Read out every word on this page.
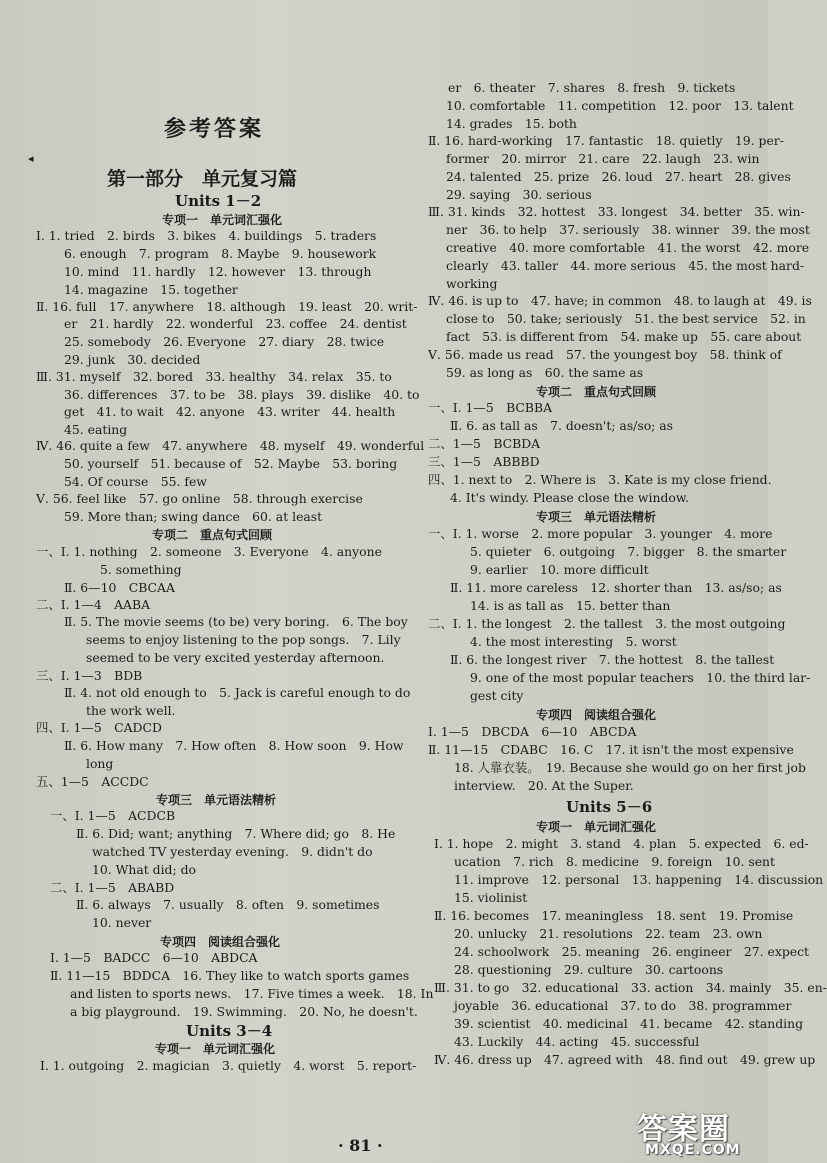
◂
参考答案
第一部分　单元复习篇
Units 1－2
专项一　单元词汇强化
Ⅰ. 1. tried　2. birds　3. bikes　4. buildings　5. traders
6. enough　7. program　8. Maybe　9. housework
10. mind　11. hardly　12. however　13. through
14. magazine　15. together
Ⅱ. 16. full　17. anywhere　18. although　19. least　20. writ-
er　21. hardly　22. wonderful　23. coffee　24. dentist
25. somebody　26. Everyone　27. diary　28. twice
29. junk　30. decided
Ⅲ. 31. myself　32. bored　33. healthy　34. relax　35. to
36. differences　37. to be　38. plays　39. dislike　40. to
get　41. to wait　42. anyone　43. writer　44. health
45. eating
Ⅳ. 46. quite a few　47. anywhere　48. myself　49. wonderful
50. yourself　51. because of　52. Maybe　53. boring
54. Of course　55. few
Ⅴ. 56. feel like　57. go online　58. through exercise
59. More than; swing dance　60. at least
专项二　重点句式回顾
一、Ⅰ. 1. nothing　2. someone　3. Everyone　4. anyone
5. something
Ⅱ. 6—10　CBCAA
二、Ⅰ. 1—4　AABA
Ⅱ. 5. The movie seems (to be) very boring.　6. The boy
seems to enjoy listening to the pop songs.　7. Lily
seemed to be very excited yesterday afternoon.
三、Ⅰ. 1—3　BDB
Ⅱ. 4. not old enough to　5. Jack is careful enough to do
the work well.
四、Ⅰ. 1—5　CADCD
Ⅱ. 6. How many　7. How often　8. How soon　9. How
long
五、1—5　ACCDC
专项三　单元语法精析
一、Ⅰ. 1—5　ACDCB
Ⅱ. 6. Did; want; anything　7. Where did; go　8. He
watched TV yesterday evening.　9. didn't do
10. What did; do
二、Ⅰ. 1—5　ABABD
Ⅱ. 6. always　7. usually　8. often　9. sometimes
10. never
专项四　阅读组合强化
Ⅰ. 1—5　BADCC　6—10　ABDCA
Ⅱ. 11—15　BDDCA　16. They like to watch sports games
and listen to sports news.　17. Five times a week.　18. In
a big playground.　19. Swimming.　20. No, he doesn't.
Units 3－4
专项一　单元词汇强化
Ⅰ. 1. outgoing　2. magician　3. quietly　4. worst　5. report-
er　6. theater　7. shares　8. fresh　9. tickets
10. comfortable　11. competition　12. poor　13. talent
14. grades　15. both
Ⅱ. 16. hard-working　17. fantastic　18. quietly　19. per-
former　20. mirror　21. care　22. laugh　23. win
24. talented　25. prize　26. loud　27. heart　28. gives
29. saying　30. serious
Ⅲ. 31. kinds　32. hottest　33. longest　34. better　35. win-
ner　36. to help　37. seriously　38. winner　39. the most
creative　40. more comfortable　41. the worst　42. more
clearly　43. taller　44. more serious　45. the most hard-
working
Ⅳ. 46. is up to　47. have; in common　48. to laugh at　49. is
close to　50. take; seriously　51. the best service　52. in
fact　53. is different from　54. make up　55. care about
Ⅴ. 56. made us read　57. the youngest boy　58. think of
59. as long as　60. the same as
专项二　重点句式回顾
一、Ⅰ. 1—5　BCBBA
Ⅱ. 6. as tall as　7. doesn't; as/so; as
二、1—5　BCBDA
三、1—5　ABBBD
四、1. next to　2. Where is　3. Kate is my close friend.
4. It's windy. Please close the window.
专项三　单元语法精析
一、Ⅰ. 1. worse　2. more popular　3. younger　4. more
5. quieter　6. outgoing　7. bigger　8. the smarter
9. earlier　10. more difficult
Ⅱ. 11. more careless　12. shorter than　13. as/so; as
14. is as tall as　15. better than
二、Ⅰ. 1. the longest　2. the tallest　3. the most outgoing
4. the most interesting　5. worst
Ⅱ. 6. the longest river　7. the hottest　8. the tallest
9. one of the most popular teachers　10. the third lar-
gest city
专项四　阅读组合强化
Ⅰ. 1—5　DBCDA　6—10　ABCDA
Ⅱ. 11—15　CDABC　16. C　17. it isn't the most expensive
18. 人靠衣装。　19. Because she would go on her first job
interview.　20. At the Super.
Units 5－6
专项一　单元词汇强化
Ⅰ. 1. hope　2. might　3. stand　4. plan　5. expected　6. ed-
ucation　7. rich　8. medicine　9. foreign　10. sent
11. improve　12. personal　13. happening　14. discussion
15. violinist
Ⅱ. 16. becomes　17. meaningless　18. sent　19. Promise
20. unlucky　21. resolutions　22. team　23. own
24. schoolwork　25. meaning　26. engineer　27. expect
28. questioning　29. culture　30. cartoons
Ⅲ. 31. to go　32. educational　33. action　34. mainly　35. en-
joyable　36. educational　37. to do　38. programmer
39. scientist　40. medicinal　41. became　42. standing
43. Luckily　44. acting　45. successful
Ⅳ. 46. dress up　47. agreed with　48. find out　49. grew up
· 81 ·	答案圈
MXQE.COM
